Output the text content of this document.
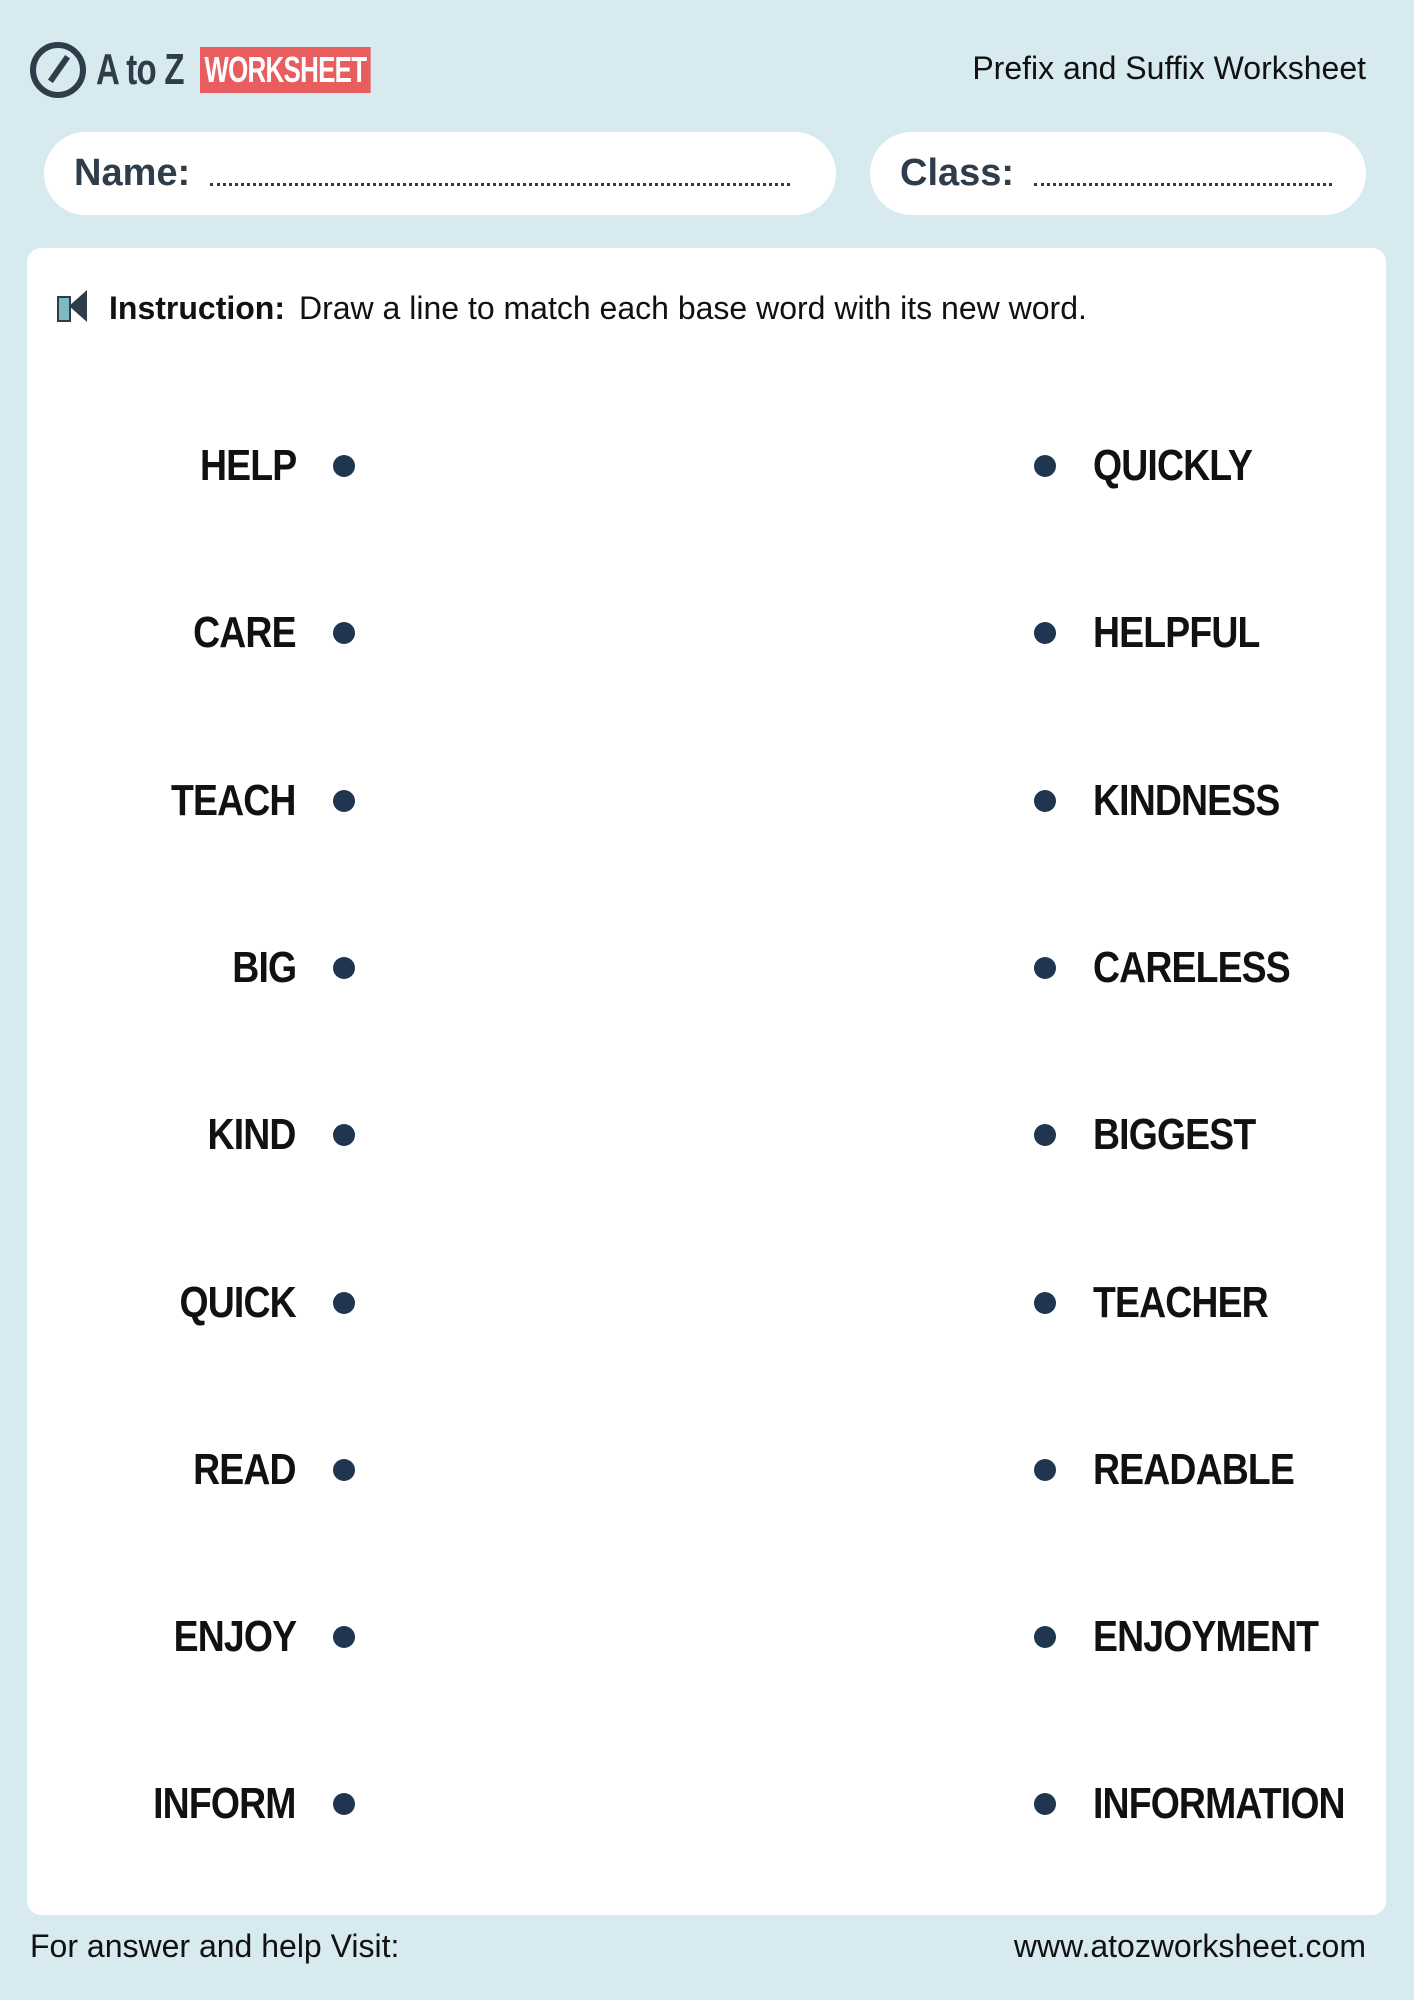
A to Z WORKSHEET	Prefix and Suffix Worksheet
Name:	Class:
Instruction: Draw a line to match each base word with its new word.
HELP	QUICKLY
CARE	HELPFUL
TEACH	KINDNESS
BIG	CARELESS
KIND	BIGGEST
QUICK	TEACHER
READ	READABLE
ENJOY	ENJOYMENT
INFORM	INFORMATION
For answer and help Visit:	www.atozworksheet.com
